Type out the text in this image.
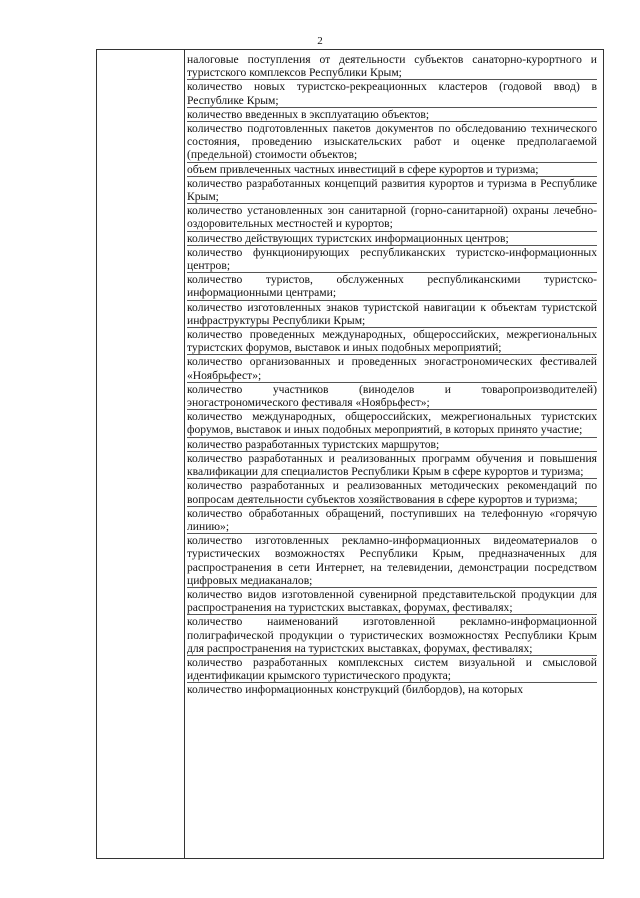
2

налоговые поступления от деятельности субъектов санаторно-курортного и туристского комплексов Республики Крым;

количество новых туристско-рекреационных кластеров (годовой ввод) в Республике Крым;

количество введенных в эксплуатацию объектов;

количество подготовленных пакетов документов по обследованию технического состояния, проведению изыскательских работ и оценке предполагаемой (предельной) стоимости объектов;

объем привлеченных частных инвестиций в сфере курортов и туризма;

количество разработанных концепций развития курортов и туризма в Республике Крым;

количество установленных зон санитарной (горно-санитарной) охраны лечебно-оздоровительных местностей и курортов;

количество действующих туристских информационных центров;

количество функционирующих республиканских туристско-информационных центров;

количество туристов, обслуженных республиканскими туристско-информационными центрами;

количество изготовленных знаков туристской навигации к объектам туристской инфраструктуры Республики Крым;

количество проведенных международных, общероссийских, межрегиональных туристских форумов, выставок и иных подобных мероприятий;

количество организованных и проведенных эногастрономических фестивалей «Ноябрьфест»;

количество участников (виноделов и товаропроизводителей) эногастрономического фестиваля «Ноябрьфест»;

количество международных, общероссийских, межрегиональных туристских форумов, выставок и иных подобных мероприятий, в которых принято участие;

количество разработанных туристских маршрутов;

количество разработанных и реализованных программ обучения и повышения квалификации для специалистов Республики Крым в сфере курортов и туризма;

количество разработанных и реализованных методических рекомендаций по вопросам деятельности субъектов хозяйствования в сфере курортов и туризма;

количество обработанных обращений, поступивших на телефонную «горячую линию»;

количество изготовленных рекламно-информационных видеоматериалов о туристических возможностях Республики Крым, предназначенных для распространения в сети Интернет, на телевидении, демонстрации посредством цифровых медиаканалов;

количество видов изготовленной сувенирной представительской продукции для распространения на туристских выставках, форумах, фестивалях;

количество наименований изготовленной рекламно-информационной полиграфической продукции о туристических возможностях Республики Крым для распространения на туристских выставках, форумах, фестивалях;

количество разработанных комплексных систем визуальной и смысловой идентификации крымского туристического продукта;

количество информационных конструкций (билбордов), на которых
